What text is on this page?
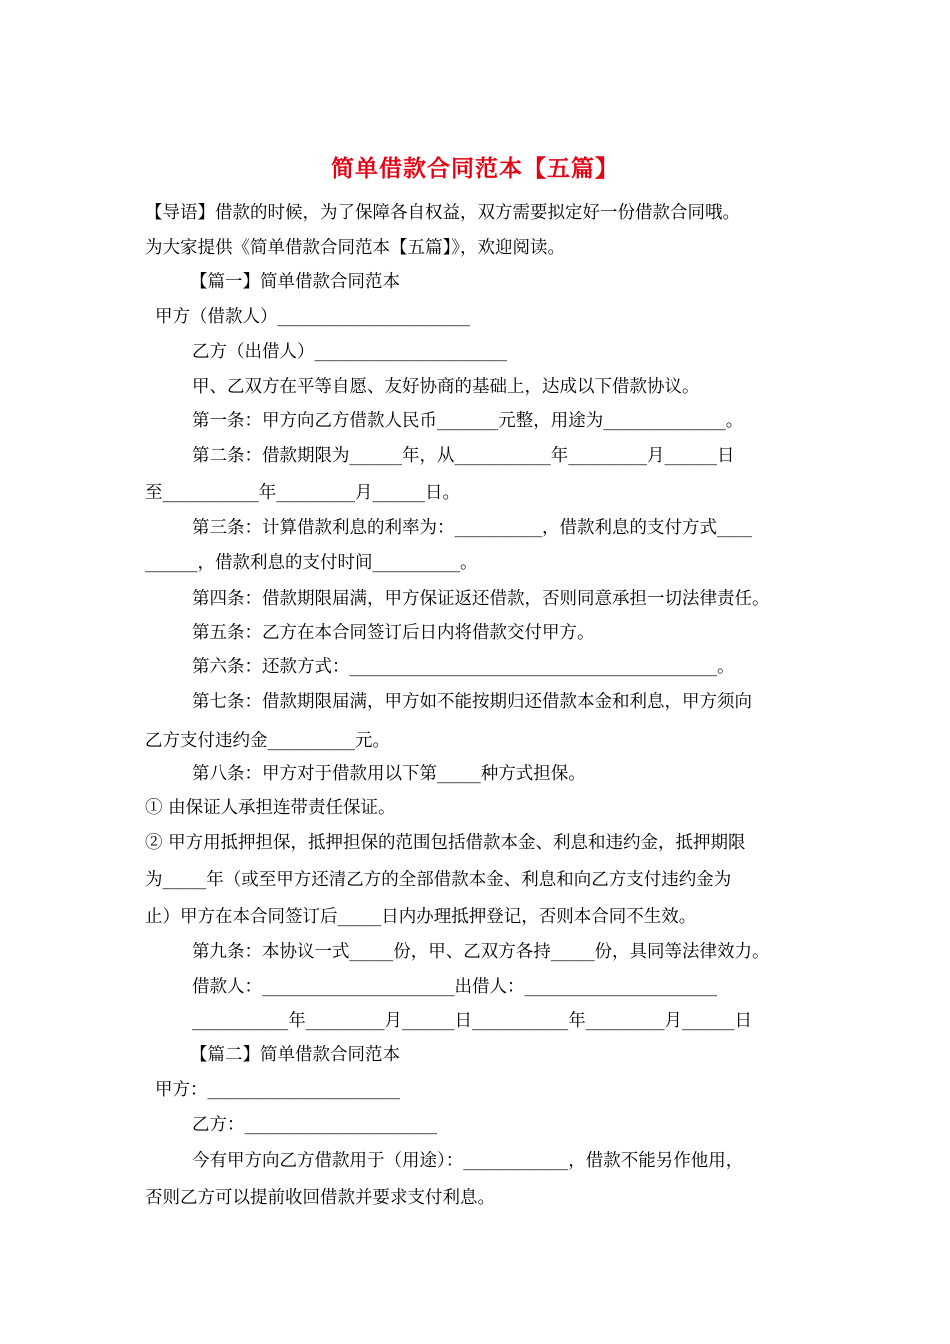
简单借款合同范本【五篇】
【导语】借款的时候，为了保障各自权益，双方需要拟定好一份借款合同哦。
为大家提供《简单借款合同范本【五篇】》，欢迎阅读。
【篇一】简单借款合同范本
甲方（借款人）______________________
乙方（出借人）______________________
甲、乙双方在平等自愿、友好协商的基础上，达成以下借款协议。
第一条：甲方向乙方借款人民币_______元整，用途为______________。
第二条：借款期限为______年，从___________年_________月______日
至___________年_________月______日。
第三条：计算借款利息的利率为：__________，借款利息的支付方式____
______，借款利息的支付时间__________。
第四条：借款期限届满，甲方保证返还借款，否则同意承担一切法律责任。
第五条：乙方在本合同签订后日内将借款交付甲方。
第六条：还款方式：__________________________________________。
第七条：借款期限届满，甲方如不能按期归还借款本金和利息，甲方须向
乙方支付违约金__________元。
第八条：甲方对于借款用以下第_____种方式担保。
① 由保证人承担连带责任保证。
② 甲方用抵押担保，抵押担保的范围包括借款本金、利息和违约金，抵押期限
为_____年（或至甲方还清乙方的全部借款本金、利息和向乙方支付违约金为
止）甲方在本合同签订后_____日内办理抵押登记，否则本合同不生效。
第九条：本协议一式_____份，甲、乙双方各持_____份，具同等法律效力。
借款人：______________________出借人：______________________
___________年_________月______日___________年_________月______日
【篇二】简单借款合同范本
甲方：______________________
乙方：______________________
今有甲方向乙方借款用于（用途）：____________，借款不能另作他用，
否则乙方可以提前收回借款并要求支付利息。
